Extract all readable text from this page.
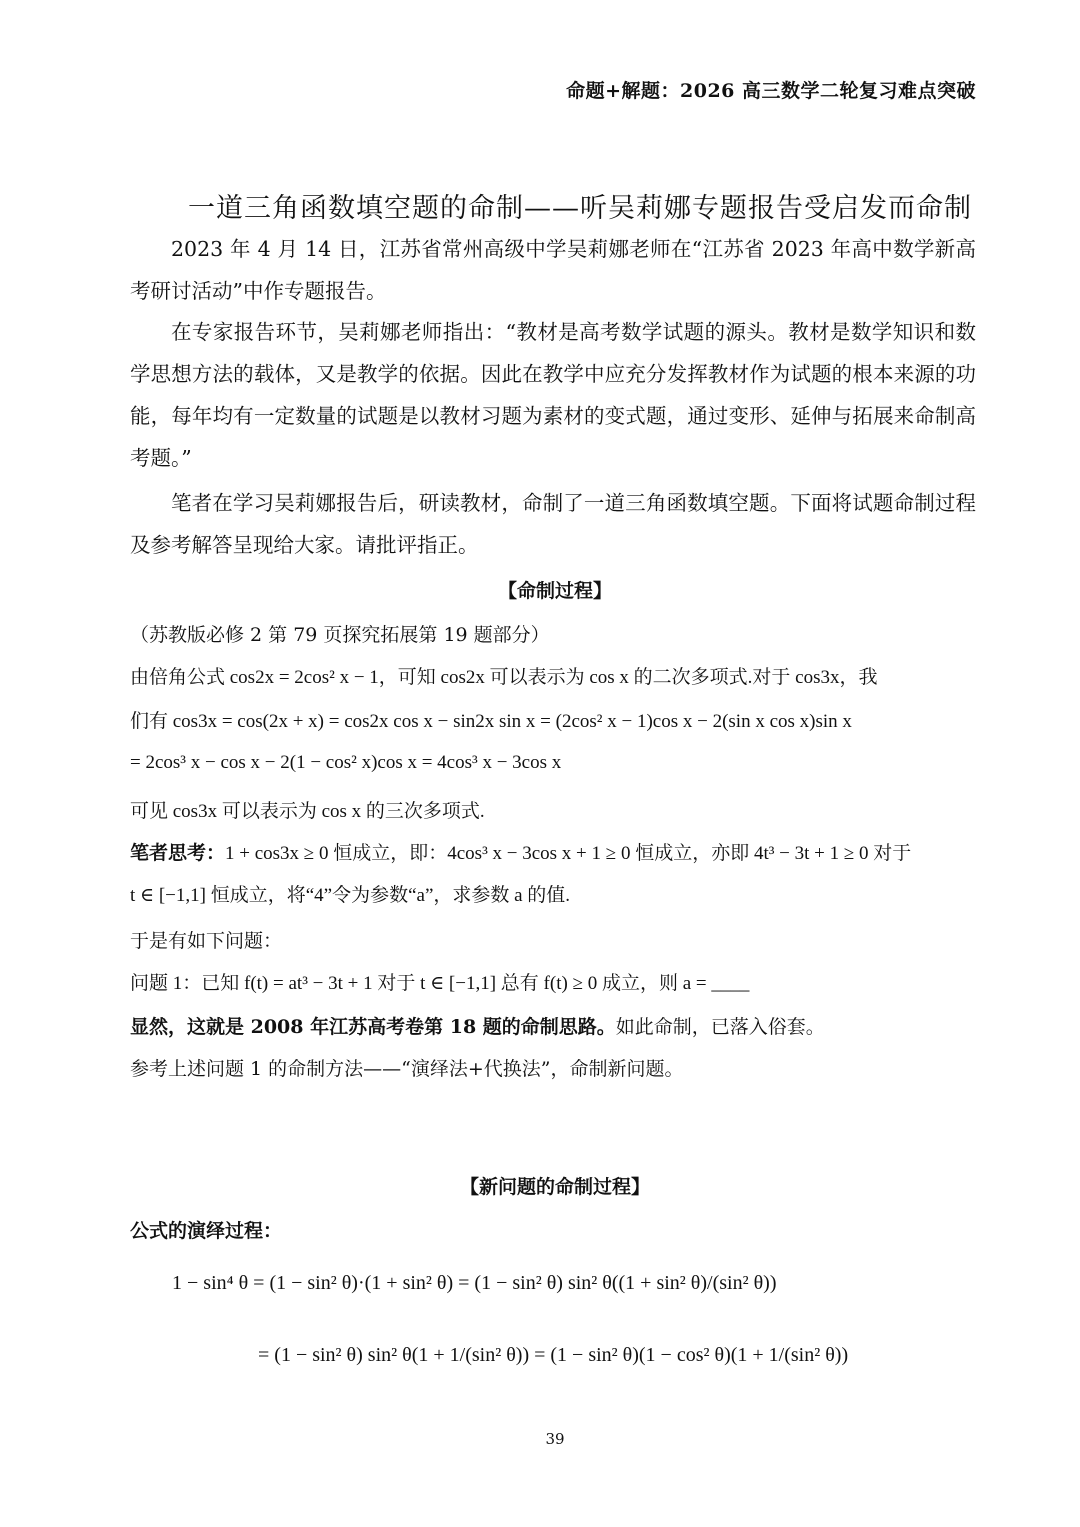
命题+解题：2026 高三数学二轮复习难点突破
一道三角函数填空题的命制——听吴莉娜专题报告受启发而命制
2023 年 4 月 14 日，江苏省常州高级中学吴莉娜老师在“江苏省 2023 年高中数学新高考研讨活动”中作专题报告。
在专家报告环节，吴莉娜老师指出：“教材是高考数学试题的源头。教材是数学知识和数学思想方法的载体，又是教学的依据。因此在教学中应充分发挥教材作为试题的根本来源的功能，每年均有一定数量的试题是以教材习题为素材的变式题，通过变形、延伸与拓展来命制高考题。”
笔者在学习吴莉娜报告后，研读教材，命制了一道三角函数填空题。下面将试题命制过程及参考解答呈现给大家。请批评指正。
【命制过程】
（苏教版必修 2 第 79 页探究拓展第 19 题部分）
由倍角公式 cos2x = 2cos² x − 1，可知 cos2x 可以表示为 cos x 的二次多项式.对于 cos3x，我
们有 cos3x = cos(2x + x) = cos2x cos x − sin2x sin x = (2cos² x − 1)cos x − 2(sin x cos x)sin x
= 2cos³ x − cos x − 2(1 − cos² x)cos x = 4cos³ x − 3cos x
可见 cos3x 可以表示为 cos x 的三次多项式.
笔者思考：1 + cos3x ≥ 0 恒成立，即：4cos³ x − 3cos x + 1 ≥ 0 恒成立，亦即 4t³ − 3t + 1 ≥ 0 对于
t ∈ [−1,1] 恒成立，将“4”令为参数“a”，求参数 a 的值.
于是有如下问题：
问题 1：已知 f(t) = at³ − 3t + 1 对于 t ∈ [−1,1] 总有 f(t) ≥ 0 成立，则 a = ____
显然，这就是 2008 年江苏高考卷第 18 题的命制思路。如此命制，已落入俗套。
参考上述问题 1 的命制方法——“演绎法+代换法”，命制新问题。
【新问题的命制过程】
公式的演绎过程：
1 − sin⁴ θ = (1 − sin² θ)·(1 + sin² θ) = (1 − sin² θ) sin² θ((1 + sin² θ)/(sin² θ))
= (1 − sin² θ) sin² θ(1 + 1/(sin² θ)) = (1 − sin² θ)(1 − cos² θ)(1 + 1/(sin² θ))
39
